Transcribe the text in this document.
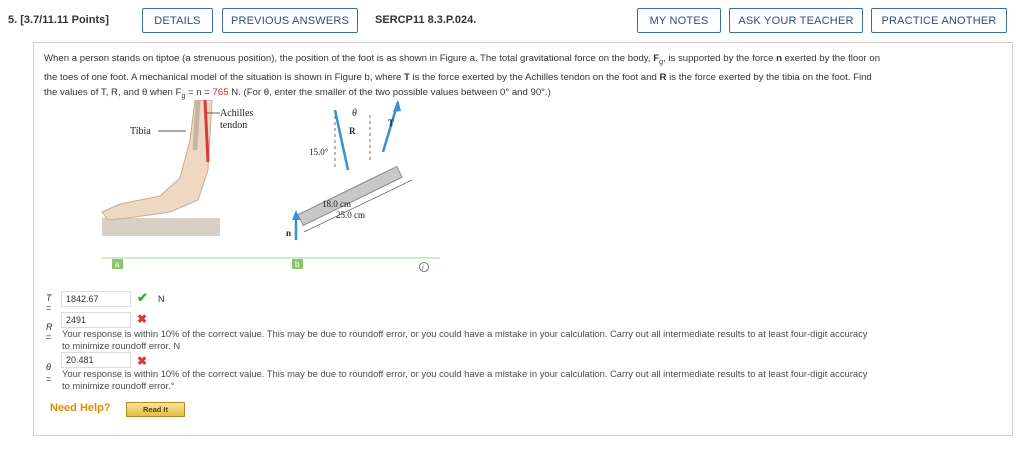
5. [3.7/11.11 Points]	DETAILS	PREVIOUS ANSWERS	SERCP11 8.3.P.024.	MY NOTES	ASK YOUR TEACHER	PRACTICE ANOTHER
When a person stands on tiptoe (a strenuous position), the position of the foot is as shown in Figure a. The total gravitational force on the body, $F_g$, is supported by the force n exerted by the floor on
the toes of one foot. A mechanical model of the situation is shown in Figure b, where T is the force exerted by the Achilles tendon on the foot and R is the force exerted by the tibia on the foot. Find
the values of T, R, and θ when $F_g = n = 765$ N. (For θ, enter the smaller of the two possible values between 0° and 90°.)
Tibia
Achilles
tendon
a
15.0°
θ
R
T
n
18.0 cm
25.0 cm
b	i
T
=
1842.67	✔ N
R
=
2491	✖
Your response is within 10% of the correct value. This may be due to roundoff error, or you could have a mistake in your calculation. Carry out all intermediate results to at least four-digit accuracy
to minimize roundoff error. N
θ
=
20.481	✖
Your response is within 10% of the correct value. This may be due to roundoff error, or you could have a mistake in your calculation. Carry out all intermediate results to at least four-digit accuracy
to minimize roundoff error.°
Need Help?	Read It
